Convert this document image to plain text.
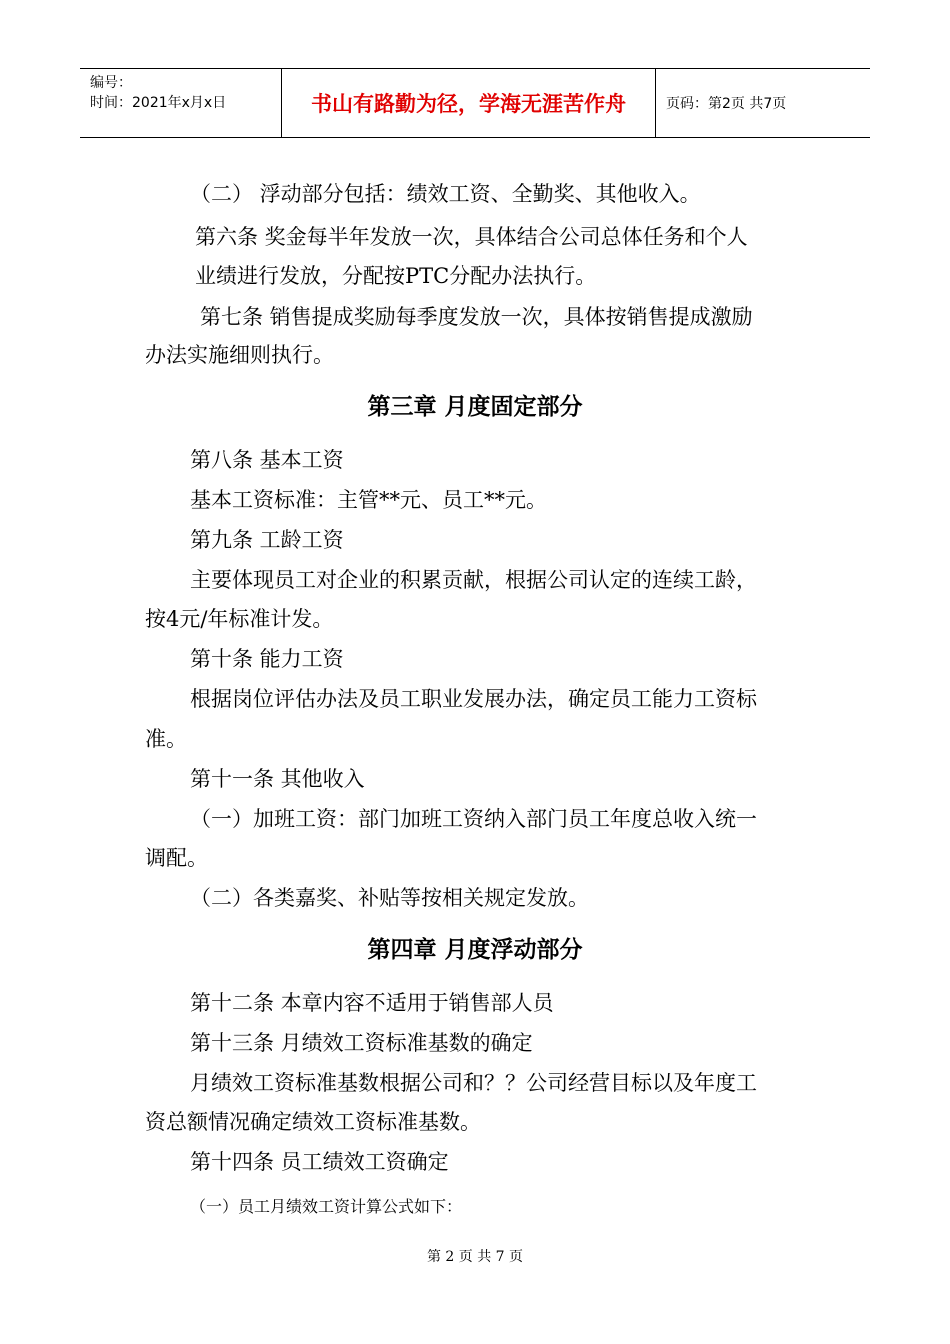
编号：
时间：2021年x月x日	书山有路勤为径，学海无涯苦作舟	页码：第2页 共7页
（二） 浮动部分包括：绩效工资、全勤奖、其他收入。
第六条 奖金每半年发放一次，具体结合公司总体任务和个人
业绩进行发放，分配按PTC分配办法执行。
第七条 销售提成奖励每季度发放一次，具体按销售提成激励
办法实施细则执行。
第三章 月度固定部分
第八条 基本工资
基本工资标准：主管**元、员工**元。
第九条 工龄工资
主要体现员工对企业的积累贡献，根据公司认定的连续工龄，
按4元/年标准计发。
第十条 能力工资
根据岗位评估办法及员工职业发展办法，确定员工能力工资标
准。
第十一条 其他收入
（一）加班工资：部门加班工资纳入部门员工年度总收入统一
调配。
（二）各类嘉奖、补贴等按相关规定发放。
第四章 月度浮动部分
第十二条 本章内容不适用于销售部人员
第十三条 月绩效工资标准基数的确定
月绩效工资标准基数根据公司和？？公司经营目标以及年度工
资总额情况确定绩效工资标准基数。
第十四条 员工绩效工资确定
（一）员工月绩效工资计算公式如下：
第 2 页 共 7 页
